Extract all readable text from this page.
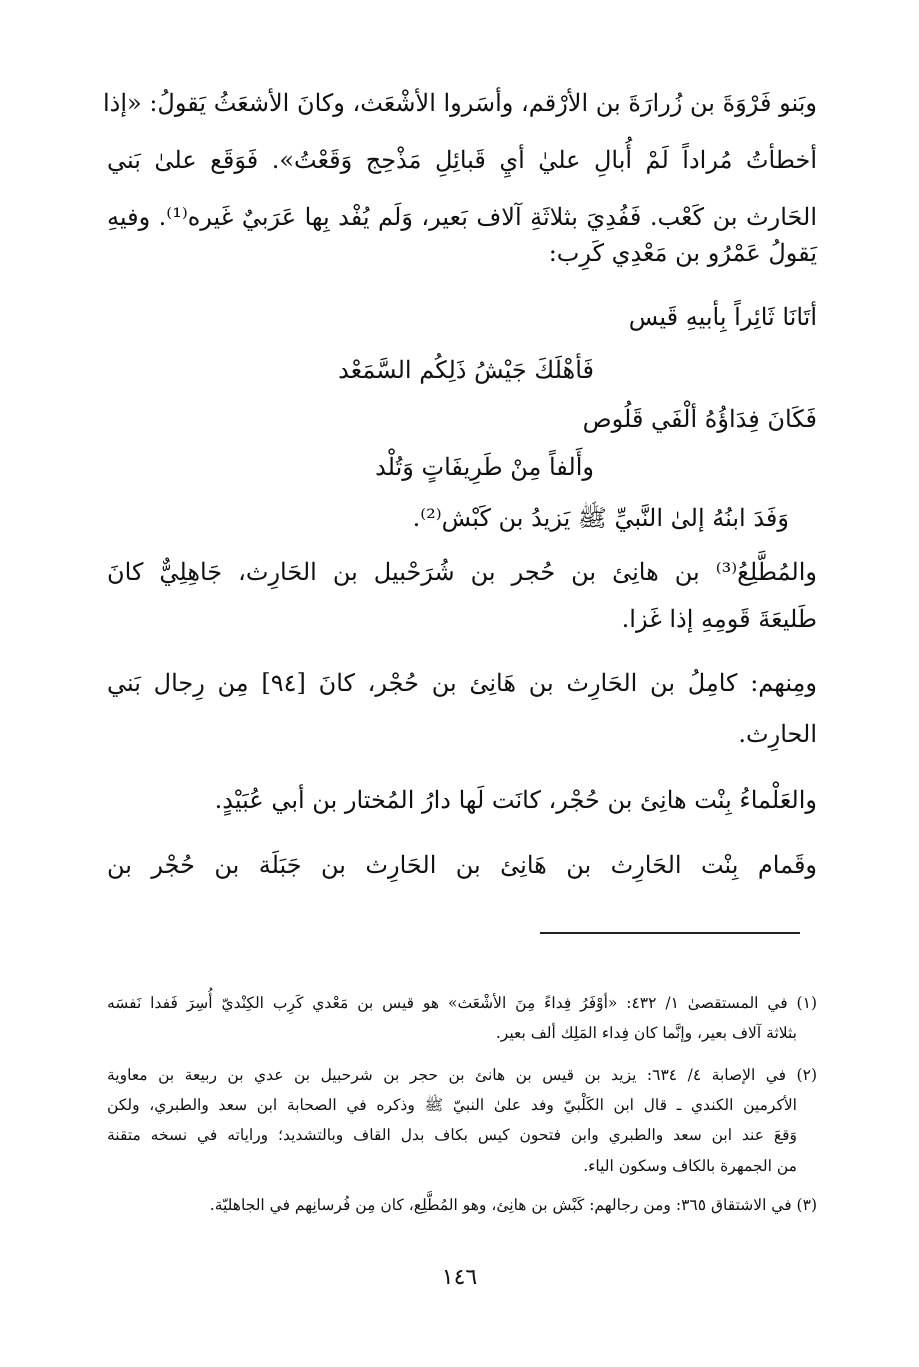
وبَنو فَرْوَةَ بن زُرارَةَ بن الأرْقم، وأسَروا الأشْعَث، وكانَ الأشعَثُ يَقولُ: «إذا
أخطأتُ مُراداً لَمْ أُبالِ عليٰ أيِ قَبائِلِ مَذْحِج وَقَعْتُ». فَوَقَع علىٰ بَني
الحَارث بن كَعْب. فَفُدِيَ بثلاثَةِ آلاف بَعير، وَلَم يُفْد بِها عَرَبيٌ غَيره⁽¹⁾. وفيهِ
يَقولُ عَمْرُو بن مَعْدِي كَرِب:
أتَانَا ثَائِراً بِأبيهِ قَيس
فَأهْلَكَ جَيْشُ ذَلِكُم السَّمَعْد
فَكَانَ فِدَاؤُهُ ألْفَي قَلُوص
وأَلفاً مِنْ طَرِيفَاتٍ وَتُلْد
وَفَدَ ابنُهُ إلىٰ النَّبيِّ ﷺ يَزيدُ بن كَبْش⁽²⁾.
والمُطَّلِعُ⁽³⁾ بن هانِئ بن حُجر بن شُرَحْبيل بن الحَارِث، جَاهِلِيٌّ كانَ
طَليعَةَ قَومِهِ إذا غَزا.
ومِنهم: كامِلُ بن الحَارِث بن هَانِئ بن حُجْر، كانَ [٩٤] مِن رِجال بَني
الحارِث.
والعَلْماءُ بِنْت هانِئ بن حُجْر، كانَت لَها دارُ المُختار بن أبي عُبَيْدٍ.
وقَمام بِنْت الحَارِث بن هَانِئ بن الحَارِث بن جَبَلَة بن حُجْر بن
(١) في المستقصىٰ ١/ ٤٣٢: «أوْفَرُ فِداءً مِنَ الأشْعَث» هو قيس بن مَعْدي كَرِب الكِنْديّ أُسِرَ فَفدا نَفسَه
بثلاثة آلاف بعير، وإنَّما كان فِداء المَلِك ألف بعير.
(٢) في الإصابة ٤/ ٦٣٤: يزيد بن قيس بن هانئ بن حجر بن شرحبيل بن عدي بن ربيعة بن معاوية
الأكرمين الكندي ـ قال ابن الكَلْبيّ وفد علىٰ النبيّ ﷺ وذكره في الصحابة ابن سعد والطبري، ولكن
وَقعَ عند ابن سعد والطبري وابن فتحون كيس بكاف بدل القاف وبالتشديد؛ وراياته في نسخه متقنة
من الجمهرة بالكاف وسكون الياء.
(٣) في الاشتقاق ٣٦٥: ومن رجالهم: كَبْش بن هانِئ، وهو المُطَّلِع، كان مِن فُرسانِهم في الجاهليّة.
١٤٦
